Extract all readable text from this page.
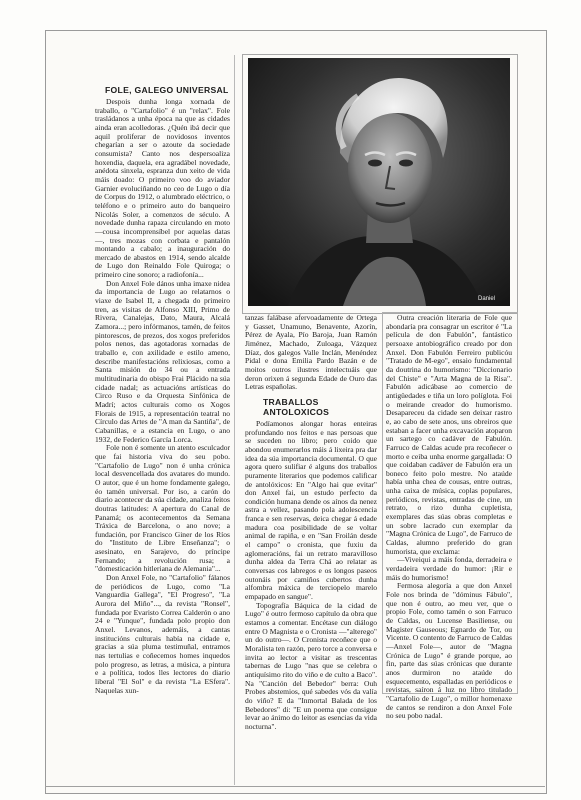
FOLE, GALEGO UNIVERSAL

Despois dunha longa xornada de traballo, o "Cartafolio" é un "relax". Fole trasládanos a unha época na que as cidades ainda eran acolledoras. ¿Quén ibá decir que aquil proliferar de novidosos inventos chegarían a ser o azoute da sociedade consumista? Canto nos despersoaliza hoxendia, daquela, era agradábel novedade, anédota sinxela, espranza dun xeito de vida máis doado: O primeiro voo do aviador Garnier evoluciñando no ceo de Lugo o día de Corpus do 1912, o alumbrado eléctrico, o teléfono e o primeiro auto do banqueiro Nicolás Soler, a comenzos de século. A novedade dunha rapaza circulando en moto —cousa incomprensíbel por aquelas datas—, tres mozas con corbata e pantalón montando a cabalo; a inauguración do mercado de abastos en 1914, sendo alcalde de Lugo don Reinaldo Fole Quiroga; o primeiro cine sonoro; a radiofonía...

Don Anxel Fole dános unha imaxe nidea da importancia de Lugo ao relatarnos o viaxe de Isabel II, a chegada do primeiro tren, as visitas de Alfonso XIII, Primo de Rivera, Canalejas, Dato, Maura, Alcalá Zamora...; pero infórmanos, tamén, de feitos pintorescos, de prezos, dos xogos preferidos polos nenos, das agotadoras xornadas de traballo e, con axilidade e estilo ameno, describe manifestacións relixiosas, como a Santa misión do 34 ou a entrada multitudinaria do obispo Frai Plácido na súa cidade nadal; as actuacións artísticas do Circo Ruso e da Orquesta Sinfónica de Madrí; actos culturais como os Xogos Florais de 1915, a representación teatral no Círculo das Artes de "A man da Santiña", de Cabanillas, e a estancia en Lugo, o ano 1932, de Federico García Lorca.

Fole non é somente un atento esculcador que fai historia viva do seu pobo. "Cartafolio de Lugo" non é unha crónica local desvencellada dos avatares do mundo. O autor, que é un home fondamente galego, éo tamén universal. Por iso, a carón do diario acontecer da súa cidade, analiza feitos doutras latitudes: A apertura do Canal de Panamá; os acontecementos da Semana Tráxica de Barcelona, o ano nove; a fundación, por Francisco Giner de los Ríos do "Instituto de Libre Enseñanza"; o asesinato, en Sarajevo, do príncipe Fernando; a revolución rusa; a "domesticación hitleriana de Alemania"...

Don Anxel Fole, no "Cartafolio" fálanos de periódicos de Lugo, como "La Vanguardia Gallega", "El Progreso", "La Aurora del Miño"..., da revista "Ronsel", fundada por Evaristo Correa Calderón o ano 24 e "Yunque", fundada polo propio don Anxel. Levanos, ademáis, a cantas institucións culturais había na cidade e, gracias a súa pluma testimuñal, entramos nas tertulias e coñecemos homes inquedos polo progreso, as letras, a música, a pintura e a política, todos lles lectores do diario liberal "El Sol" e da revista "La ESfera". Naquelas xun-

Daniel

tanzas falábase afervoadamente de Ortega y Gasset, Unamuno, Benavente, Azorín, Pérez de Ayala, Pío Baroja, Juan Ramón Jiménez, Machado, Zuloaga, Vázquez Díaz, dos galegos Valle Inclán, Menéndez Pidal e dona Emilia Pardo Bazán e de moitos outros ilustres intelectuáis que deron orixen á segunda Edade de Ouro das Letras españolas.

TRABALLOS ANTOLOXICOS

Podíamonos alongar horas enteiras profundando nos feitos e nas persoas que se suceden no libro; pero coido que abondou enumerarlos máis á lixeira pra dar idea da súa importancia documental. O que agora quero sulifiar é alguns dos traballos puramente literarios que podemos calificar de antolóxicos: En "Algo hai que evitar" don Anxel fai, un estudo perfecto da condición humana dende os aínos da nenez astra a vellez, pasando pola adolescencia franca e sen reservas, deica chegar á edade madura coa posibilidade de se voltar animal de rapiña, e en "San Froilán desde el campo" o cronista, que fuxiu da aglomeracións, fai un retrato maravilloso dunha aldea da Terra Chá ao relatar as conversas cos labregos e os longos paseos outonáis por camiños cubertos dunha alfombra máxica de terciopelo marelo empapado en sangue".

Topografía Báquica de la cidad de Lugo" é outro fermoso capítulo da obra que estamos a comentar. Encétase cun diálogo entre O Magnista e o Cronista —"alterego" un do outro—. O Cronista recoñece que o Moralista ten razón, pero torce a conversa e invita ao lector a visitar as trescentas tabernas de Lugo "nas que se celebra o antiquísimo rito do viño e de culto a Baco". Na "Canción del Bebedor" berra: Ouh Probes abstemios, qué sabedes vós da valía do viño? E da "Inmortal Balada de los Bebedores" di: "E un poema que consigue levar ao ánimo do leitor as esencias da vida nocturna".

Outra creación literaria de Fole que abondaría pra consagrar un escritor é "La película de don Fabulón", fantástico persoaxe antobiográfico creado por don Anxel. Don Fabulón Ferreiro publicóu "Tratado de M-ego", ensaio fundamental da doutrina do humorismo: "Diccionario del Chiste" e "Arta Magna de la Risa". Fabulón adicábase ao comercio de antigüedades e tiña un loro políglota. Foi o meirande creador do humorismo. Desapareceu da cidade sen deixar rastro e, ao cabo de sete anos, uns obreiros que estaban a facer unha excavación atoparon un sartego co cadáver de Fabulón. Farruco de Caldas acude pra recoñecer o morto e ceiba unha enorme gargallada: O que coidaban cadáver de Fabulón era un boneco feito polo mestre. No ataúde había unha chea de cousas, entre outras, unha caixa de música, coplas populares, periódicos, revistas, entradas de cine, un retrato, o rizo dunha cupletista, exemplares das súas obras completas e un sobre lacrado cun exemplar da "Magna Crónica de Lugo", de Farruco de Caldas, alumno preferido do gran humorista, que exclama:

—Viveiqui a máis fonda, derradeira e verdadeira verdade do humor: ¡Rir e máis do humorismo!

Fermosa alegoría a que don Anxel Fole nos brinda de "dóminus Fábulo", que non é outro, ao meu ver, que o propio Fole, como tamén o son Farruco de Caldas, ou Lucense Basiliense, ou Magister Gauseous; Egnardo de Tor, ou Vicente. O contento de Farruco de Caldas —Anxel Fole—, autor de "Magna Crónica de Lugo" é grande porque, ao fin, parte das súas crónicas que durante anos durmiron no ataúde do esquecemento, espalladas en periódicos e revistas, saíron á luz no libro titulado "Cartafolio de Lugo", o millor homenaxe de cantos se rendiron a don Anxel Fole no seu pobo nadal.
